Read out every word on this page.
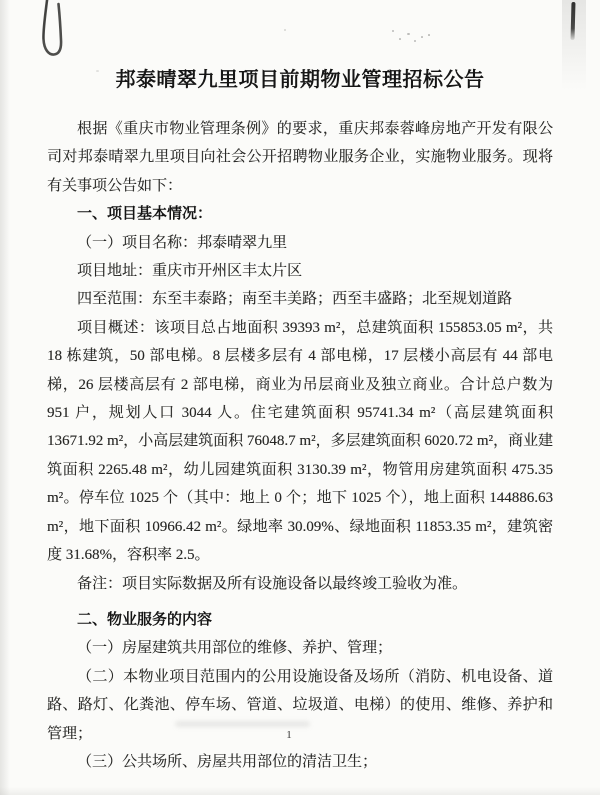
邦泰晴翠九里项目前期物业管理招标公告

根据《重庆市物业管理条例》的要求，重庆邦泰蓉峰房地产开发有限公司对邦泰晴翠九里项目向社会公开招聘物业服务企业，实施物业服务。现将有关事项公告如下：

一、项目基本情况：

（一）项目名称：邦泰晴翠九里

项目地址：重庆市开州区丰太片区

四至范围：东至丰泰路；南至丰美路；西至丰盛路；北至规划道路

项目概述：该项目总占地面积 39393 m²，总建筑面积 155853.05 m²，共 18 栋建筑，50 部电梯。8 层楼多层有 4 部电梯，17 层楼小高层有 44 部电梯，26 层楼高层有 2 部电梯，商业为吊层商业及独立商业。合计总户数为 951 户，规划人口 3044 人。住宅建筑面积 95741.34 m²（高层建筑面积 13671.92 m²，小高层建筑面积 76048.7 m²，多层建筑面积 6020.72 m²，商业建筑面积 2265.48 m²，幼儿园建筑面积 3130.39 m²，物管用房建筑面积 475.35 m²。停车位 1025 个（其中：地上 0 个；地下 1025 个），地上面积 144886.63 m²，地下面积 10966.42 m²。绿地率 30.09%、绿地面积 11853.35 m²，建筑密度 31.68%，容积率 2.5。

备注：项目实际数据及所有设施设备以最终竣工验收为准。

二、物业服务的内容

（一）房屋建筑共用部位的维修、养护、管理；

（二）本物业项目范围内的公用设施设备及场所（消防、机电设备、道路、路灯、化粪池、停车场、管道、垃圾道、电梯）的使用、维修、养护和管理；

（三）公共场所、房屋共用部位的清洁卫生；

1
